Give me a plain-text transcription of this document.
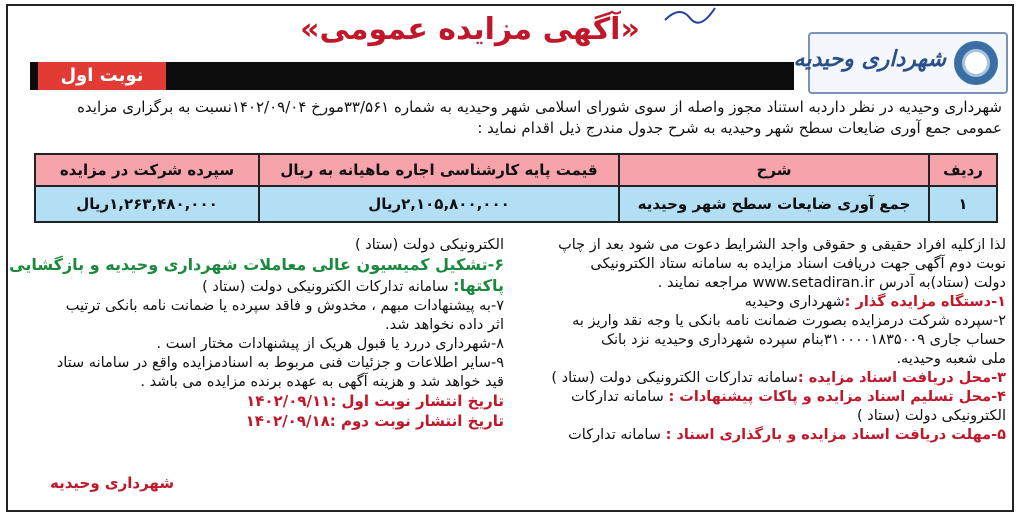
«آگهی مزایده عمومی»
شهرداری وحیدیه
نوبت اول
شهرداری وحیدیه در نظر داردبه استناد مجوز واصله از سوی شورای اسلامی شهر وحیدیه به شماره ۳۳/۵۶۱مورخ ۱۴۰۲/۰۹/۰۴نسبت به برگزاری مزایده
عمومی جمع آوری ضایعات سطح شهر وحیدیه به شرح جدول مندرج ذیل اقدام نماید :
ردیف	شرح	قیمت پایه کارشناسی اجاره ماهیانه به ریال	سپرده شرکت در مزایده
۱	جمع آوری ضایعات سطح شهر وحیدیه	۲,۱۰۵,۸۰۰,۰۰۰ریال	۱,۲۶۳,۴۸۰,۰۰۰ریال
لذا ازکلیه افراد حقیقی و حقوقی واجد الشرایط دعوت می شود بعد از چاپ
نوبت دوم آگهی جهت دریافت اسناد مزایده به سامانه ستاد الکترونیکی
دولت (ستاد)به آدرس www.setadiran.ir مراجعه نمایند .
۱-دستگاه مزایده گذار :شهرداری وحیدیه
۲-سپرده شرکت درمزایده بصورت ضمانت نامه بانکی یا وجه نقد واریز به
حساب جاری ۳۱۰۰۰۰۱۸۳۵۰۰۹بنام سپرده شهرداری وحیدیه نزد بانک
ملی شعبه وحیدیه.
۳-محل دریافت اسناد مزایده :سامانه تدارکات الکترونیکی دولت (ستاد )
۴-محل تسلیم اسناد مزایده و پاکات پیشنهادات : سامانه تدارکات
الکترونیکی دولت (ستاد )
۵-مهلت دریافت اسناد مزایده و بارگذاری اسناد : سامانه تدارکات
الکترونیکی دولت (ستاد )
۶-تشکیل کمیسیون عالی معاملات شهرداری وحیدیه و بازگشایی
پاکتها: سامانه تدارکات الکترونیکی دولت (ستاد )
۷-به پیشنهادات مبهم ، مخدوش و فاقد سپرده یا ضمانت نامه بانکی ترتیب
اثر داده نخواهد شد.
۸-شهرداری دررد یا قبول هریک از پیشنهادات مختار است .
۹-سایر اطلاعات و جزئیات فنی مربوط به اسنادمزایده واقع در سامانه ستاد
قید خواهد شد و هزینه آگهی به عهده برنده مزایده می باشد .
تاریخ انتشار نوبت اول :۱۴۰۲/۰۹/۱۱
تاریخ انتشار نوبت دوم :۱۴۰۲/۰۹/۱۸
شهرداری وحیدیه
